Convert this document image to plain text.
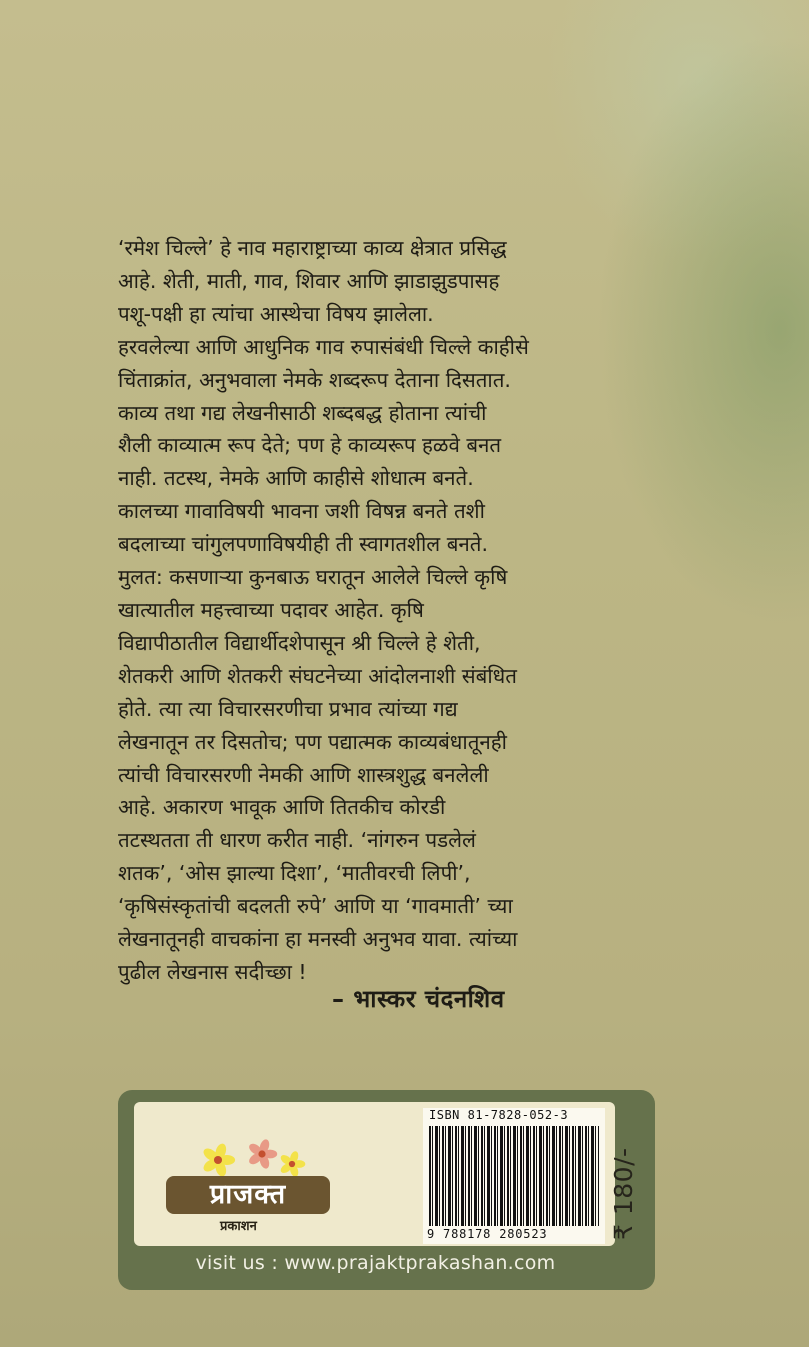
‘रमेश चिल्ले’ हे नाव महाराष्ट्राच्या काव्य क्षेत्रात प्रसिद्ध
आहे. शेती, माती, गाव, शिवार आणि झाडाझुडपासह
पशू-पक्षी हा त्यांचा आस्थेचा विषय झालेला.
हरवलेल्या आणि आधुनिक गाव रुपासंबंधी चिल्ले काहीसे
चिंताक्रांत, अनुभवाला नेमके शब्दरूप देताना दिसतात.
काव्य तथा गद्य लेखनीसाठी शब्दबद्ध होताना त्यांची
शैली काव्यात्म रूप देते; पण हे काव्यरूप हळवे बनत
नाही. तटस्थ, नेमके आणि काहीसे शोधात्म बनते.
कालच्या गावाविषयी भावना जशी विषन्न बनते तशी
बदलाच्या चांगुलपणाविषयीही ती स्वागतशील बनते.
मुलत: कसणाऱ्या कुनबाऊ घरातून आलेले चिल्ले कृषि
खात्यातील महत्त्वाच्या पदावर आहेत. कृषि
विद्यापीठातील विद्यार्थीदशेपासून श्री चिल्ले हे शेती,
शेतकरी आणि शेतकरी संघटनेच्या आंदोलनाशी संबंधित
होते. त्या त्या विचारसरणीचा प्रभाव त्यांच्या गद्य
लेखनातून तर दिसतोच; पण पद्यात्मक काव्यबंधातूनही
त्यांची विचारसरणी नेमकी आणि शास्त्रशुद्ध बनलेली
आहे. अकारण भावूक आणि तितकीच कोरडी
तटस्थतता ती धारण करीत नाही. ‘नांगरुन पडलेलं
शतक’, ‘ओस झाल्या दिशा’, ‘मातीवरची लिपी’,
‘कृषिसंस्कृतांची बदलती रुपे’ आणि या ‘गावमाती’ च्या
लेखनातूनही वाचकांना हा मनस्वी अनुभव यावा. त्यांच्या
पुढील लेखनास सदीच्छा !
– भास्कर चंदनशिव
प्राजक्त
प्रकाशन
ISBN 81-7828-052-3
9 788178 280523
visit us : www.prajaktprakashan.com
₹ 180/-
